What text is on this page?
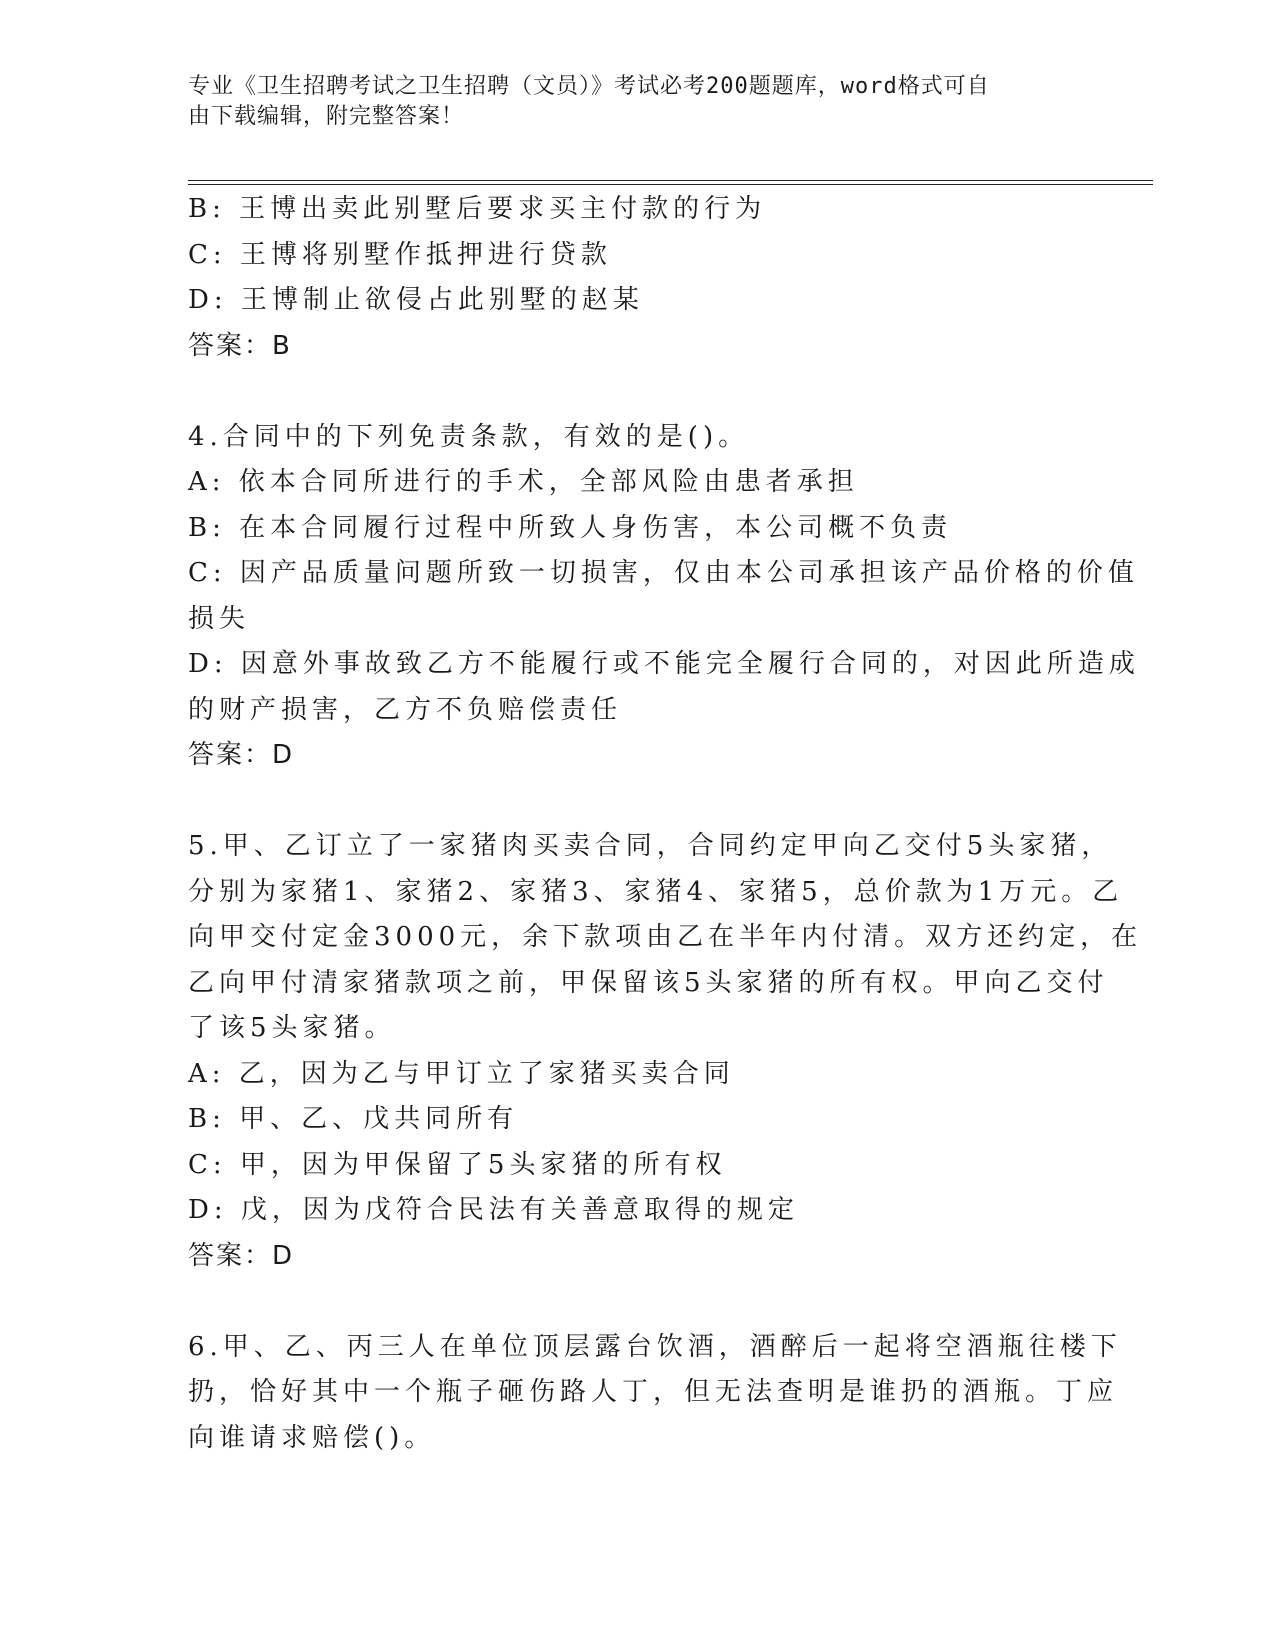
专业《卫生招聘考试之卫生招聘（文员）》考试必考200题题库，word格式可自
由下载编辑，附完整答案！
B: 王博出卖此别墅后要求买主付款的行为
C: 王博将别墅作抵押进行贷款
D: 王博制止欲侵占此别墅的赵某
答案：B
4.合同中的下列免责条款，有效的是()。
A: 依本合同所进行的手术，全部风险由患者承担
B: 在本合同履行过程中所致人身伤害，本公司概不负责
C: 因产品质量问题所致一切损害，仅由本公司承担该产品价格的价值
损失
D: 因意外事故致乙方不能履行或不能完全履行合同的，对因此所造成
的财产损害，乙方不负赔偿责任
答案：D
5.甲、乙订立了一家猪肉买卖合同，合同约定甲向乙交付5头家猪，
分别为家猪1、家猪2、家猪3、家猪4、家猪5，总价款为1万元。乙
向甲交付定金3000元，余下款项由乙在半年内付清。双方还约定，在
乙向甲付清家猪款项之前，甲保留该5头家猪的所有权。甲向乙交付
了该5头家猪。
A: 乙，因为乙与甲订立了家猪买卖合同
B: 甲、乙、戊共同所有
C: 甲，因为甲保留了5头家猪的所有权
D: 戊，因为戊符合民法有关善意取得的规定
答案：D
6.甲、乙、丙三人在单位顶层露台饮酒，酒醉后一起将空酒瓶往楼下
扔，恰好其中一个瓶子砸伤路人丁，但无法查明是谁扔的酒瓶。丁应
向谁请求赔偿()。
